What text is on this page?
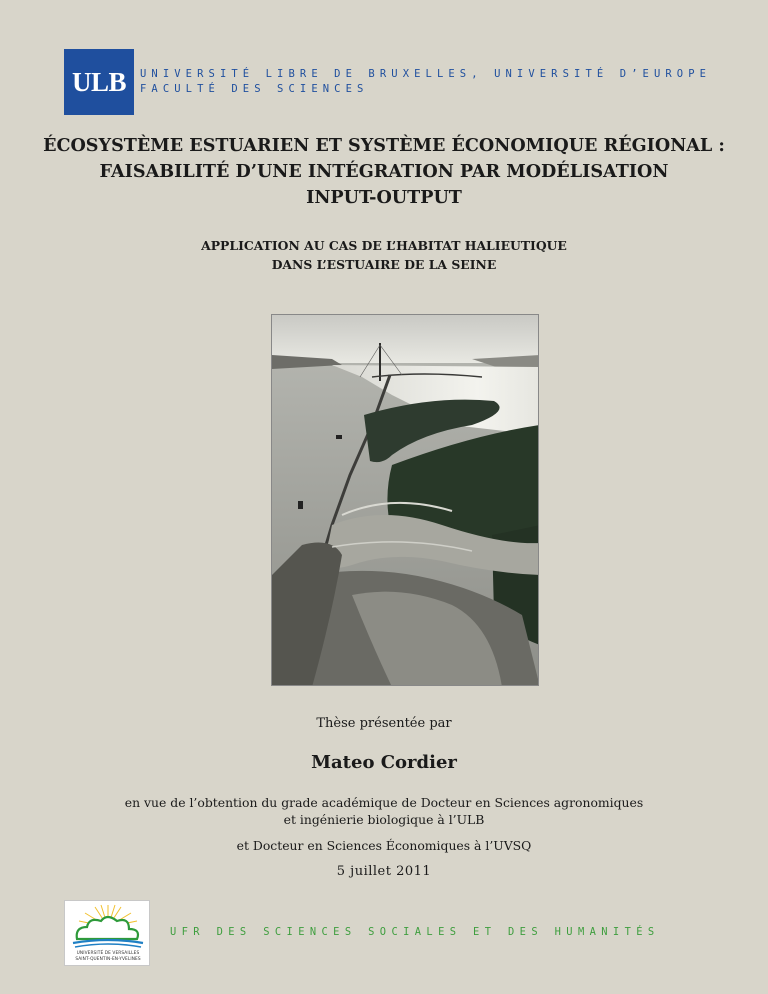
ULB	UNIVERSITÉ LIBRE DE BRUXELLES, UNIVERSITÉ D’EUROPE
FACULTÉ DES SCIENCES
ÉCOSYSTÈME ESTUARIEN ET SYSTÈME ÉCONOMIQUE RÉGIONAL :
FAISABILITÉ D’UNE INTÉGRATION PAR MODÉLISATION
INPUT-OUTPUT
APPLICATION AU CAS DE L’HABITAT HALIEUTIQUE
DANS L’ESTUAIRE DE LA SEINE
Thèse présentée par
Mateo Cordier
en vue de l’obtention du grade académique de Docteur en Sciences agronomiques
et ingénierie biologique à l’ULB
et Docteur en Sciences Économiques à l’UVSQ
5 juillet 2011
UNIVERSITÉ DE VERSAILLES
SAINT-QUENTIN-EN-YVELINES
UFR DES SCIENCES SOCIALES ET DES HUMANITÉS
